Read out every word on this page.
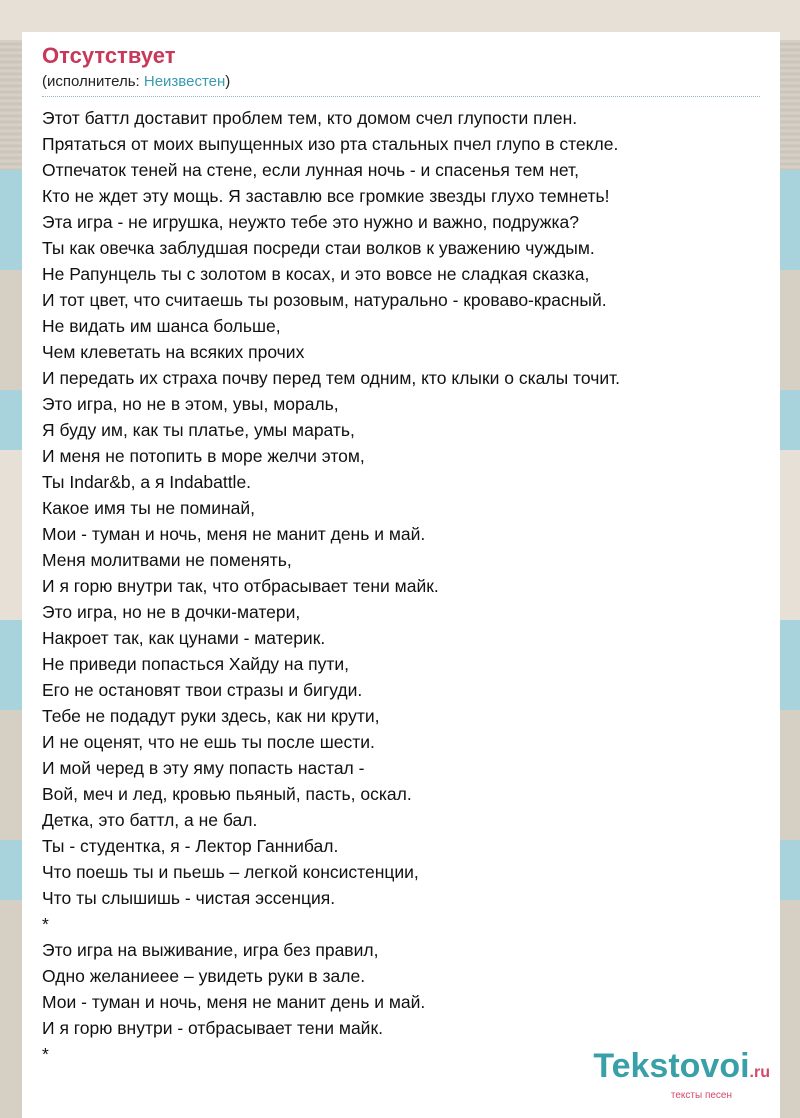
Отсутствует
(исполнитель: Неизвестен)
Этот баттл доставит проблем тем, кто домом счел глупости плен.
Прятаться от моих выпущенных изо рта стальных пчел глупо в стекле.
Отпечаток теней на стене, если лунная ночь - и спасенья тем нет,
Кто не ждет эту мощь. Я заставлю все громкие звезды глухо темнеть!
Эта игра - не игрушка, неужто тебе это нужно и важно, подружка?
Ты как овечка заблудшая посреди стаи волков к уважению чуждым.
Не Рапунцель ты с золотом в косах, и это вовсе не сладкая сказка,
И тот цвет, что считаешь ты розовым, натурально - кроваво-красный.
Не видать им шанса больше,
Чем клеветать на всяких прочих
И передать их страха почву перед тем одним, кто клыки о скалы точит.
Это игра, но не в этом, увы, мораль,
Я буду им, как ты платье, умы марать,
И меня не потопить в море желчи этом,
Ты Indar&b, а я Indabattle.
Какое имя ты не поминай,
Мои - туман и ночь, меня не манит день и май.
Меня молитвами не поменять,
И я горю внутри так, что отбрасывает тени майк.
Это игра, но не в дочки-матери,
Накроет так, как цунами - материк.
Не приведи попасться Хайду на пути,
Его не остановят твои стразы и бигуди.
Тебе не подадут руки здесь, как ни крути,
И не оценят, что не ешь ты после шести.
И мой черед в эту яму попасть настал -
Вой, меч и лед, кровью пьяный, пасть, оскал.
Детка, это баттл, а не бал.
Ты - студентка, я - Лектор Ганнибал.
Что поешь ты и пьешь – легкой консистенции,
Что ты слышишь - чистая эссенция.
*
Это игра на выживание, игра без правил,
Одно желаниеее – увидеть руки в зале.
Мои - туман и ночь, меня не манит день и май.
И я горю внутри - отбрасывает тени майк.
*	Tekstovoi.ru
тексты песен
